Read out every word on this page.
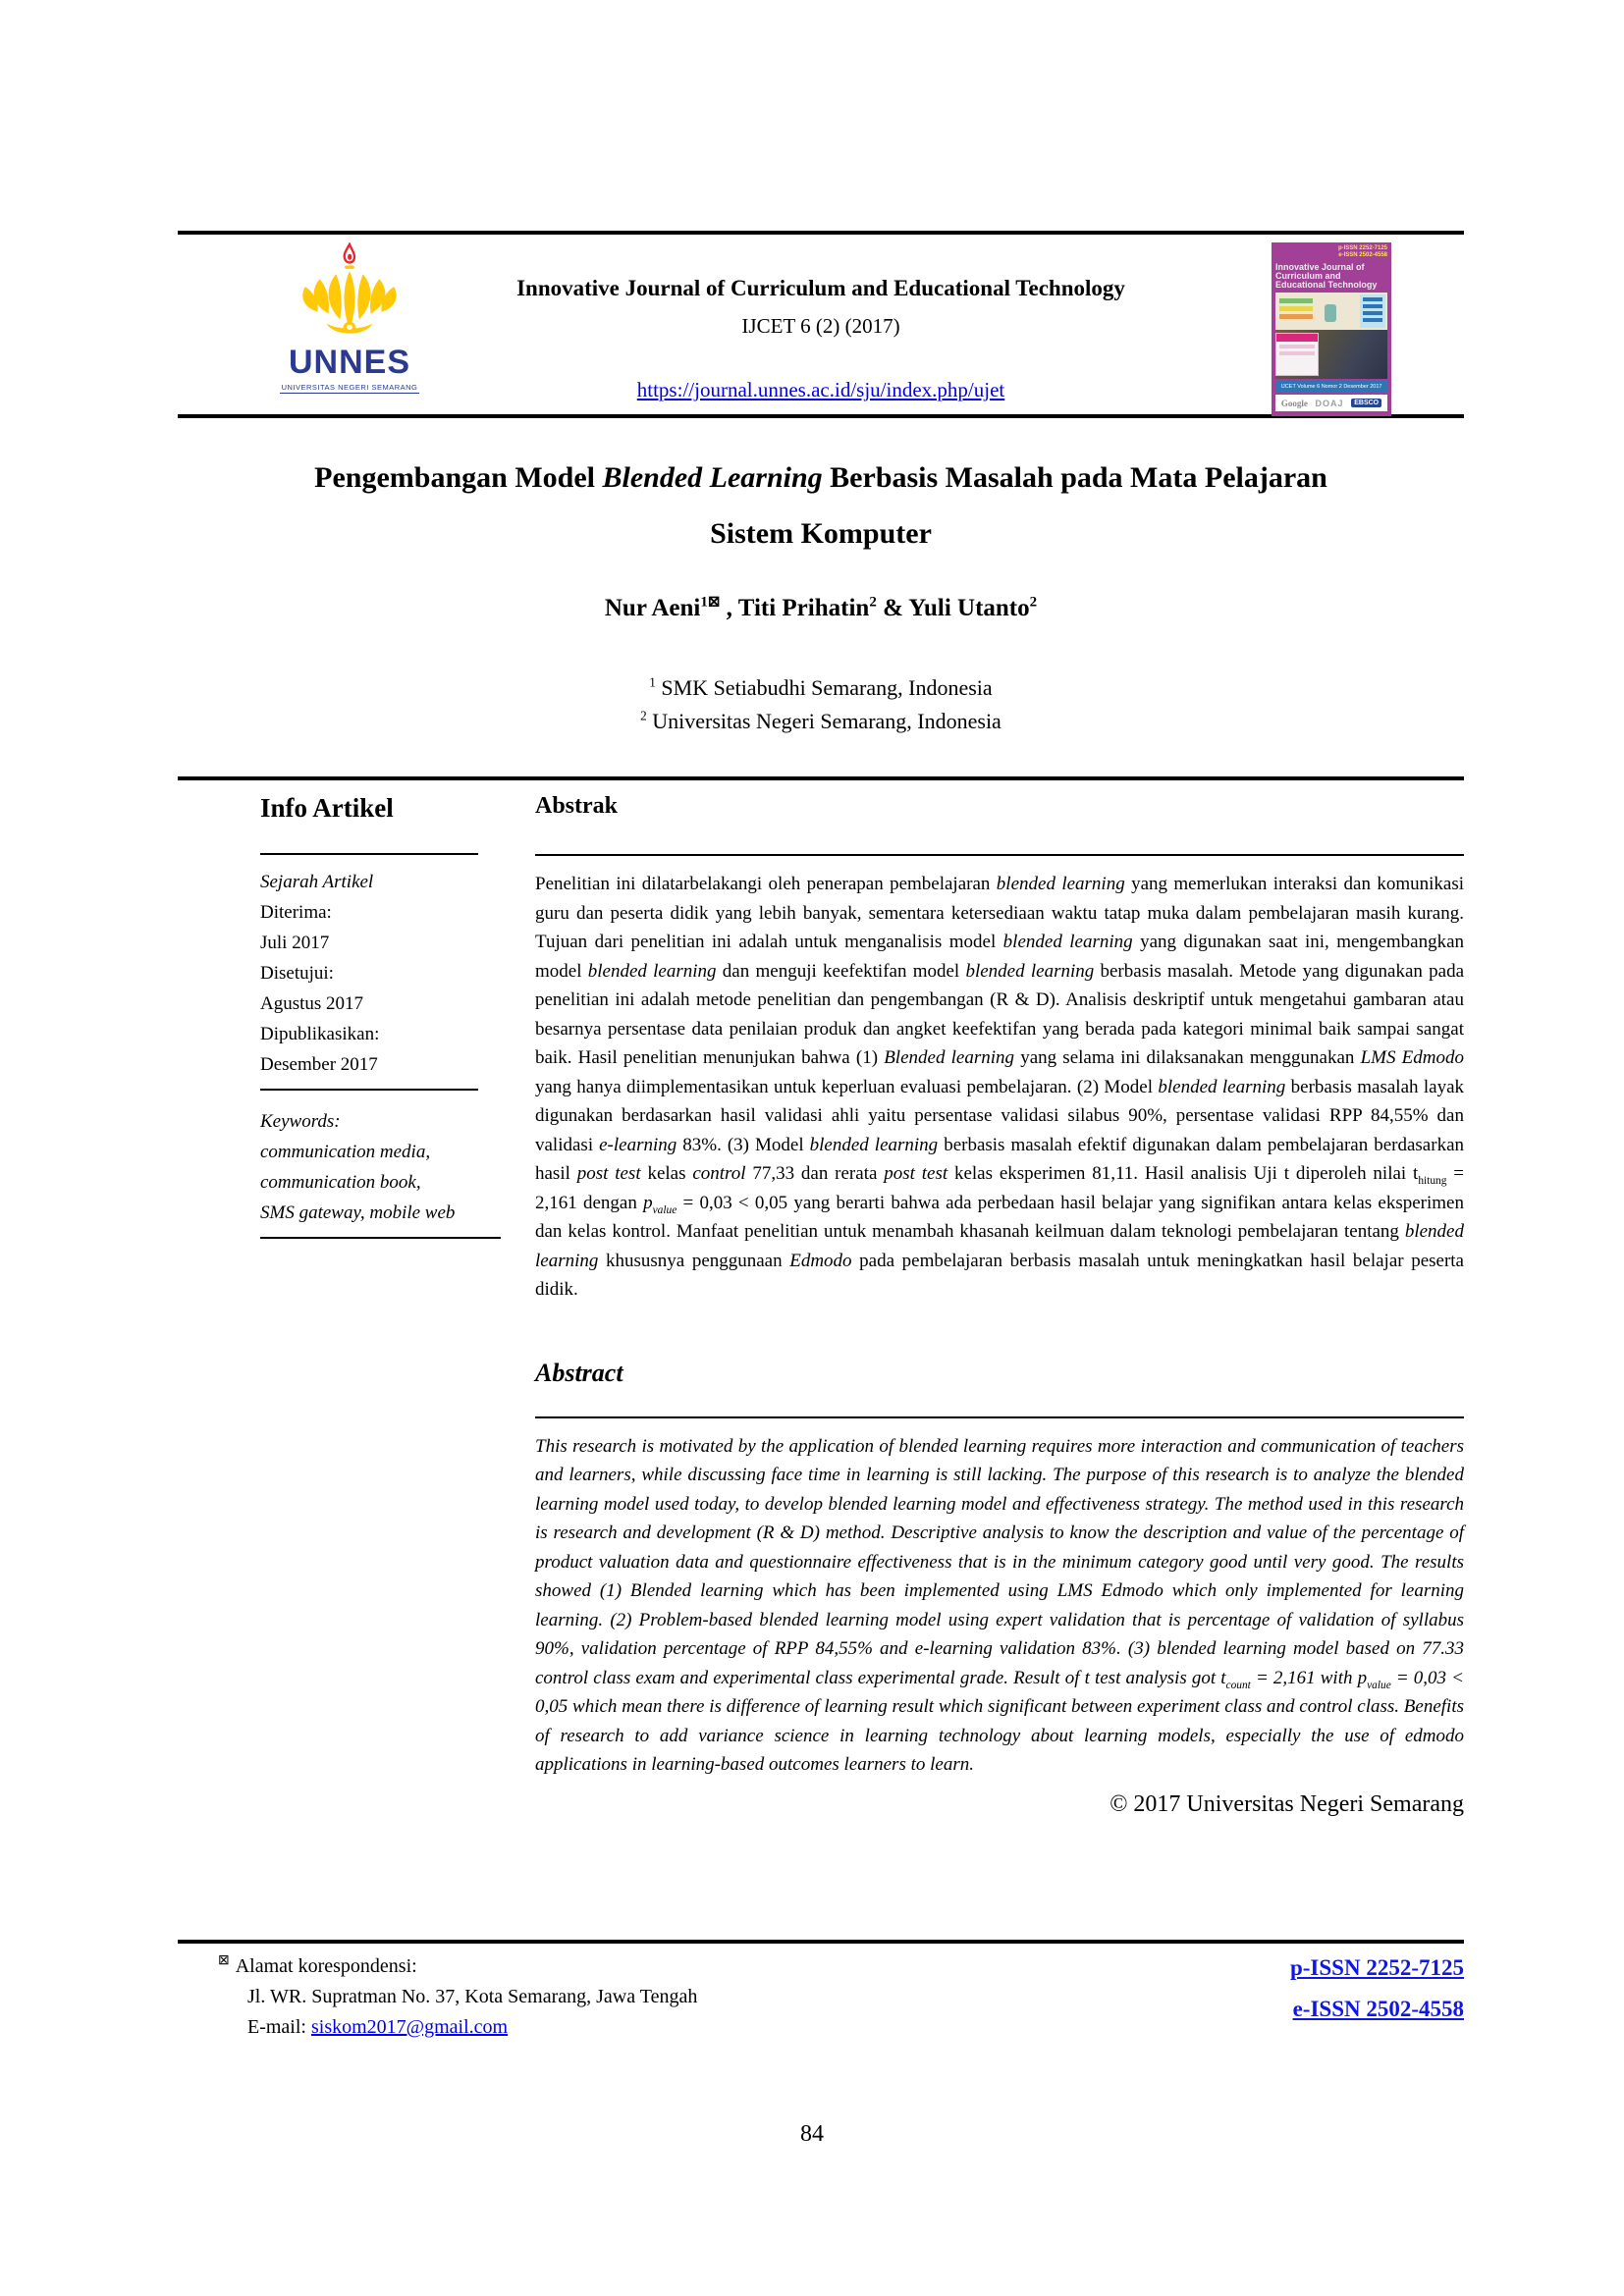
UNNES
UNIVERSITAS NEGERI SEMARANG
Innovative Journal of Curriculum and Educational Technology
IJCET 6 (2) (2017)
https://journal.unnes.ac.id/sju/index.php/ujet
p-ISSN 2252-7125
e-ISSN 2502-4558
Innovative Journal of Curriculum and Educational Technology
IJCET Volume 6 Nomor 2 Desember 2017
Google DOAJ	EBSCO
Pengembangan Model Blended Learning Berbasis Masalah pada Mata Pelajaran
Sistem Komputer
Nur Aeni$^{1⊠}$ , Titi Prihatin$^2$ & Yuli Utanto$^2$
$^1$ SMK Setiabudhi Semarang, Indonesia
$^2$ Universitas Negeri Semarang, Indonesia
Info Artikel
Sejarah Artikel
Diterima:
Juli 2017
Disetujui:
Agustus 2017
Dipublikasikan:
Desember 2017
Keywords:
communication media,
communication book,
SMS gateway, mobile web
Abstrak

Penelitian ini dilatarbelakangi oleh penerapan pembelajaran blended learning yang memerlukan interaksi dan komunikasi guru dan peserta didik yang lebih banyak, sementara ketersediaan waktu tatap muka dalam pembelajaran masih kurang. Tujuan dari penelitian ini adalah untuk menganalisis model blended learning yang digunakan saat ini, mengembangkan model blended learning dan menguji keefektifan model blended learning berbasis masalah. Metode yang digunakan pada penelitian ini adalah metode penelitian dan pengembangan (R & D). Analisis deskriptif untuk mengetahui gambaran atau besarnya persentase data penilaian produk dan angket keefektifan yang berada pada kategori minimal baik sampai sangat baik. Hasil penelitian menunjukan bahwa (1) Blended learning yang selama ini dilaksanakan menggunakan LMS Edmodo yang hanya diimplementasikan untuk keperluan evaluasi pembelajaran. (2) Model blended learning berbasis masalah layak digunakan berdasarkan hasil validasi ahli yaitu persentase validasi silabus 90%, persentase validasi RPP 84,55% dan validasi e-learning 83%. (3) Model blended learning berbasis masalah efektif digunakan dalam pembelajaran berdasarkan hasil post test kelas control 77,33 dan rerata post test kelas eksperimen 81,11. Hasil analisis Uji t diperoleh nilai $t_{hitung} = 2,161$ dengan $p_{value} = 0,03 < 0,05$ yang berarti bahwa ada perbedaan hasil belajar yang signifikan antara kelas eksperimen dan kelas kontrol. Manfaat penelitian untuk menambah khasanah keilmuan dalam teknologi pembelajaran tentang blended learning khususnya penggunaan Edmodo pada pembelajaran berbasis masalah untuk meningkatkan hasil belajar peserta didik.

Abstract

This research is motivated by the application of blended learning requires more interaction and communication of teachers and learners, while discussing face time in learning is still lacking. The purpose of this research is to analyze the blended learning model used today, to develop blended learning model and effectiveness strategy. The method used in this research is research and development (R & D) method. Descriptive analysis to know the description and value of the percentage of product valuation data and questionnaire effectiveness that is in the minimum category good until very good. The results showed (1) Blended learning which has been implemented using LMS Edmodo which only implemented for learning learning. (2) Problem-based blended learning model using expert validation that is percentage of validation of syllabus 90%, validation percentage of RPP 84,55% and e-learning validation 83%. (3) blended learning model based on 77.33 control class exam and experimental class experimental grade. Result of t test analysis got $t_{count} = 2,161$ with $p_{value} = 0,03 < 0,05$ which mean there is difference of learning result which significant between experiment class and control class. Benefits of research to add variance science in learning technology about learning models, especially the use of edmodo applications in learning-based outcomes learners to learn.

© 2017 Universitas Negeri Semarang
⊠ Alamat korespondensi:
Jl. WR. Supratman No. 37, Kota Semarang, Jawa Tengah
E-mail: siskom2017@gmail.com
p-ISSN 2252-7125
e-ISSN 2502-4558
84
